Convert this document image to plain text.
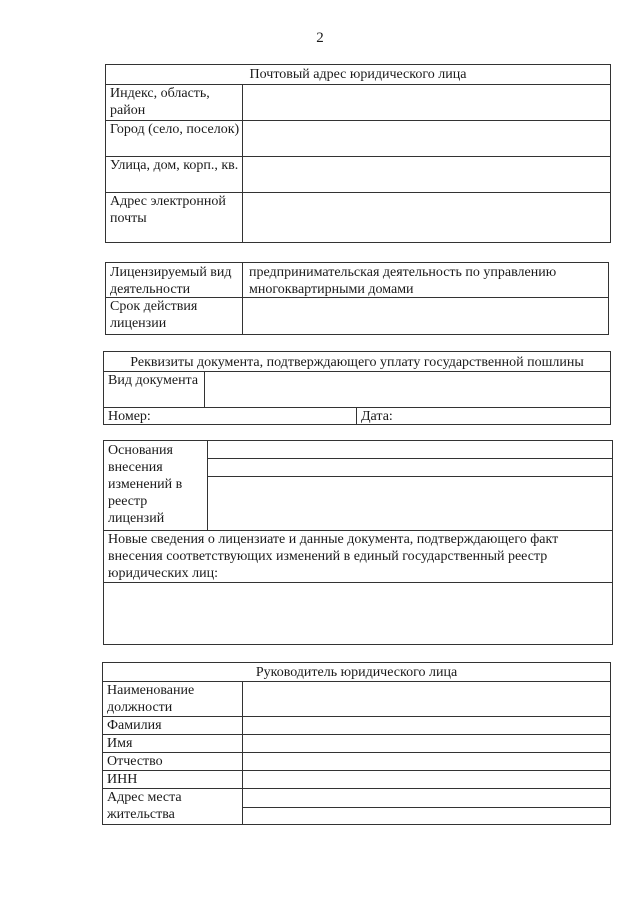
2
Почтовый адрес юридического лица
Индекс, область, район
Город (село, поселок)
Улица, дом, корп., кв.
Адрес электронной почты
Лицензируемый вид деятельности
предпринимательская деятельность по управлению многоквартирными домами
Срок действия лицензии
Реквизиты документа, подтверждающего уплату государственной пошлины
Вид документа
Номер:	Дата:
Основания внесения изменений в реестр лицензий
Новые сведения о лицензиате и данные документа, подтверждающего факт внесения соответствующих изменений в единый государственный реестр юридических лиц:
Руководитель юридического лица
Наименование должности
Фамилия
Имя
Отчество
ИНН
Адрес места жительства
